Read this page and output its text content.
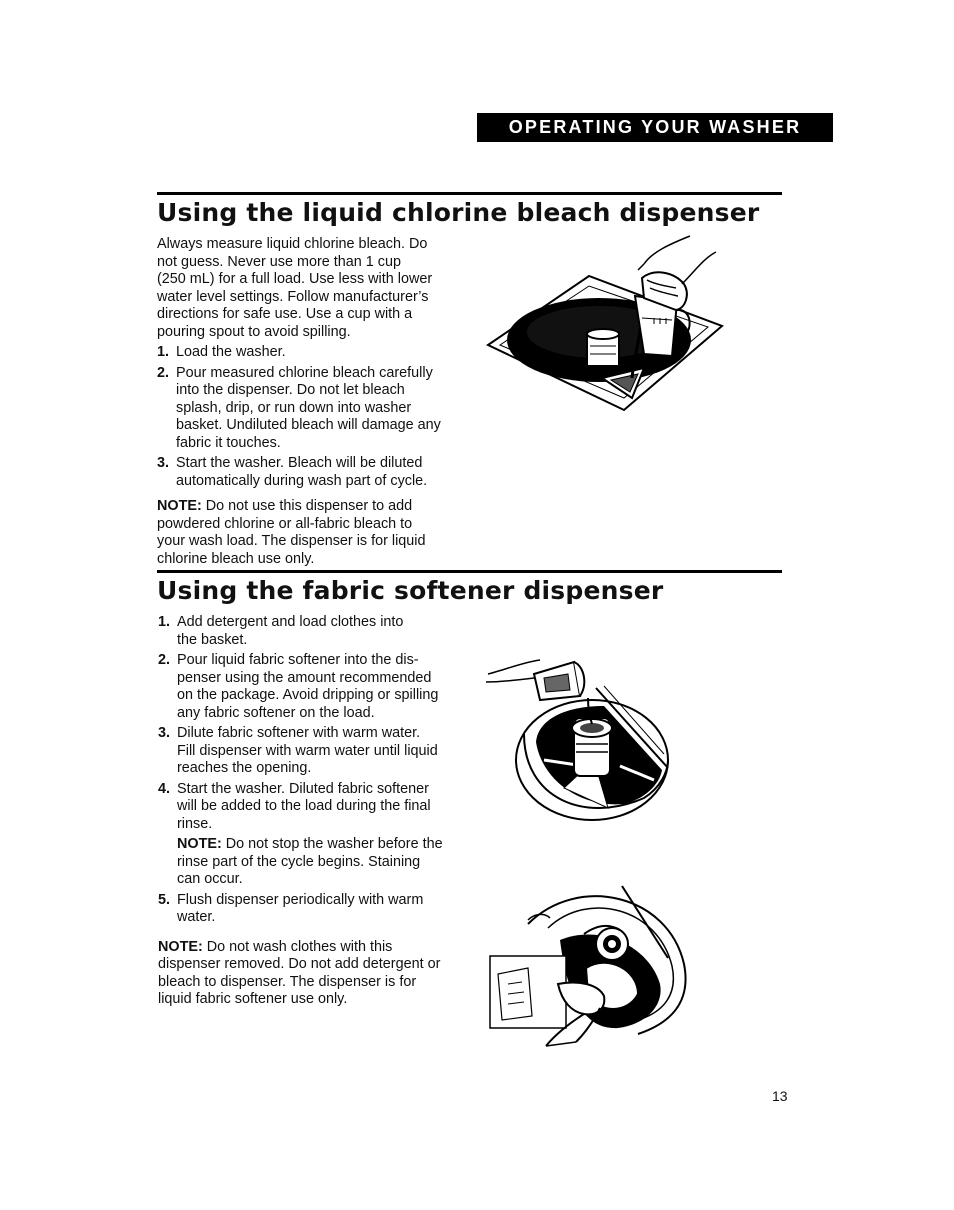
OPERATING YOUR WASHER
Using the liquid chlorine bleach dispenser

Always measure liquid chlorine bleach. Do
not guess. Never use more than 1 cup
(250 mL) for a full load. Use less with lower
water level settings. Follow manufacturer’s
directions for safe use. Use a cup with a
pouring spout to avoid spilling.

1. Load the washer.
2. Pour measured chlorine bleach carefully
into the dispenser. Do not let bleach
splash, drip, or run down into washer
basket. Undiluted bleach will damage any
fabric it touches.
3. Start the washer. Bleach will be diluted
automatically during wash part of cycle.

NOTE: Do not use this dispenser to add
powdered chlorine or all-fabric bleach to
your wash load. The dispenser is for liquid
chlorine bleach use only.

Using the fabric softener dispenser
1. Add detergent and load clothes into
the basket.
2. Pour liquid fabric softener into the dis-
penser using the amount recommended
on the package. Avoid dripping or spilling
any fabric softener on the load.
3. Dilute fabric softener with warm water.
Fill dispenser with warm water until liquid
reaches the opening.
4. Start the washer. Diluted fabric softener
will be added to the load during the final
rinse.

NOTE: Do not stop the washer before the
rinse part of the cycle begins. Staining
can occur.

5. Flush dispenser periodically with warm
water.

NOTE: Do not wash clothes with this
dispenser removed. Do not add detergent or
bleach to dispenser. The dispenser is for
liquid fabric softener use only.

13
